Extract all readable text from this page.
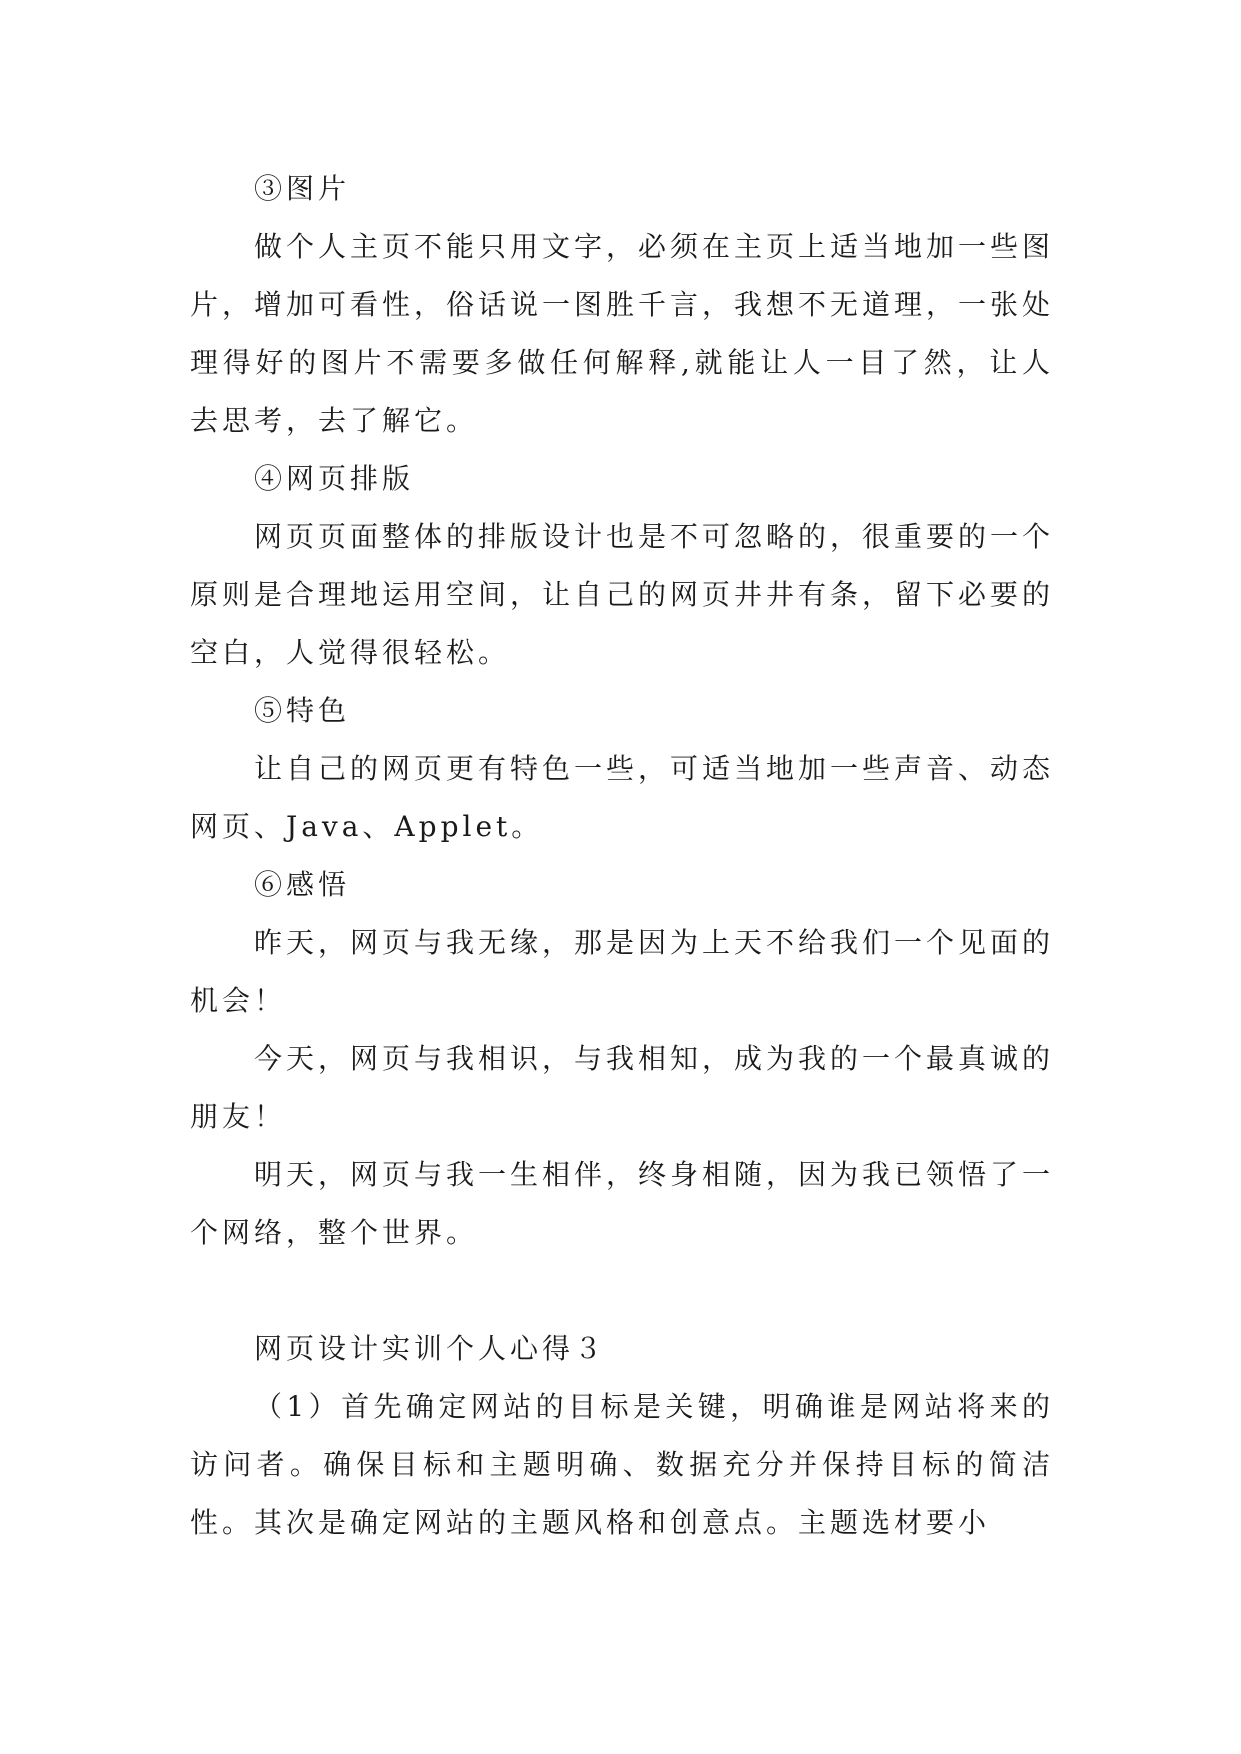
③图片

做个人主页不能只用文字，必须在主页上适当地加一些图片，增加可看性，俗话说一图胜千言，我想不无道理，一张处理得好的图片不需要多做任何解释,就能让人一目了然，让人去思考，去了解它。

④网页排版

网页页面整体的排版设计也是不可忽略的，很重要的一个原则是合理地运用空间，让自己的网页井井有条，留下必要的空白，人觉得很轻松。

⑤特色

让自己的网页更有特色一些，可适当地加一些声音、动态网页、Java、Applet。

⑥感悟

昨天，网页与我无缘，那是因为上天不给我们一个见面的机会！

今天，网页与我相识，与我相知，成为我的一个最真诚的朋友！

明天，网页与我一生相伴，终身相随，因为我已领悟了一个网络，整个世界。

网页设计实训个人心得３

（1）首先确定网站的目标是关键，明确谁是网站将来的访问者。确保目标和主题明确、数据充分并保持目标的简洁性。其次是确定网站的主题风格和创意点。主题选材要小
